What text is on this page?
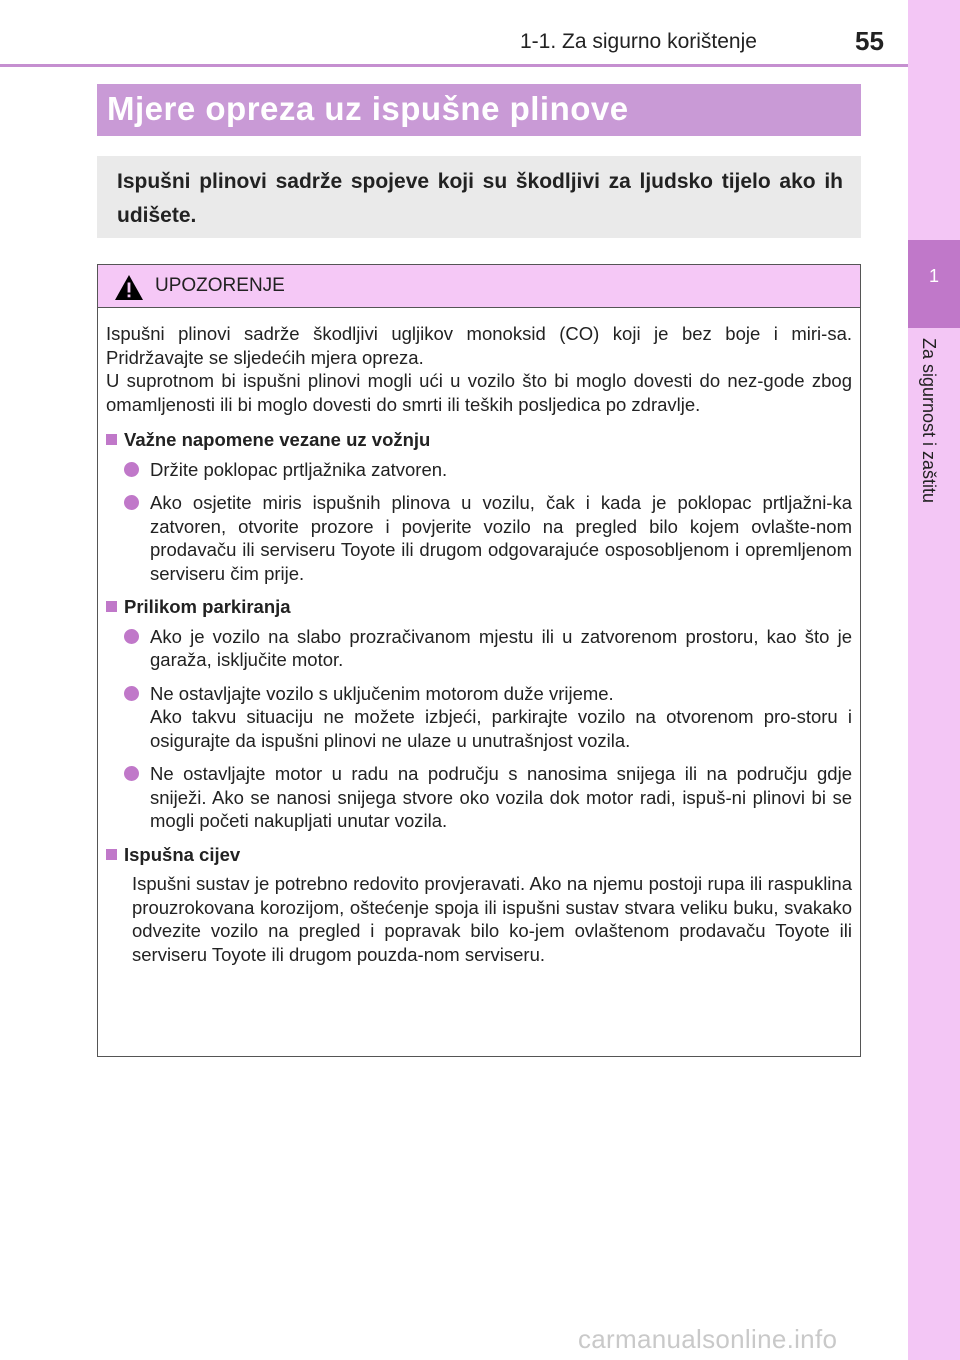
1-1. Za sigurno korištenje	55
1
Za sigurnost i zaštitu
Mjere opreza uz ispušne plinove
Ispušni plinovi sadrže spojeve koji su škodljivi za ljudsko tijelo ako ih udišete.
UPOZORENJE

Ispušni plinovi sadrže škodljivi ugljikov monoksid (CO) koji je bez boje i miri-sa. Pridržavajte se sljedećih mjera opreza.
U suprotnom bi ispušni plinovi mogli ući u vozilo što bi moglo dovesti do nez-gode zbog omamljenosti ili bi moglo dovesti do smrti ili teških posljedica po zdravlje.

Važne napomene vezane uz vožnju
Držite poklopac prtljažnika zatvoren.
Ako osjetite miris ispušnih plinova u vozilu, čak i kada je poklopac prtljažni-ka zatvoren, otvorite prozore i povjerite vozilo na pregled bilo kojem ovlašte-nom prodavaču ili serviseru Toyote ili drugom odgovarajuće osposobljenom i opremljenom serviseru čim prije.
Prilikom parkiranja
Ako je vozilo na slabo prozračivanom mjestu ili u zatvorenom prostoru, kao što je garaža, isključite motor.
Ne ostavljajte vozilo s uključenim motorom duže vrijeme.
Ako takvu situaciju ne možete izbjeći, parkirajte vozilo na otvorenom pro-storu i osigurajte da ispušni plinovi ne ulaze u unutrašnjost vozila.
Ne ostavljajte motor u radu na području s nanosima snijega ili na području gdje sniježi. Ako se nanosi snijega stvore oko vozila dok motor radi, ispuš-ni plinovi bi se mogli početi nakupljati unutar vozila.
Ispušna cijev
Ispušni sustav je potrebno redovito provjeravati. Ako na njemu postoji rupa ili raspuklina prouzrokovana korozijom, oštećenje spoja ili ispušni sustav stvara veliku buku, svakako odvezite vozilo na pregled i popravak bilo ko-jem ovlaštenom prodavaču Toyote ili serviseru Toyote ili drugom pouzda-nom serviseru.
carmanualsonline.info
